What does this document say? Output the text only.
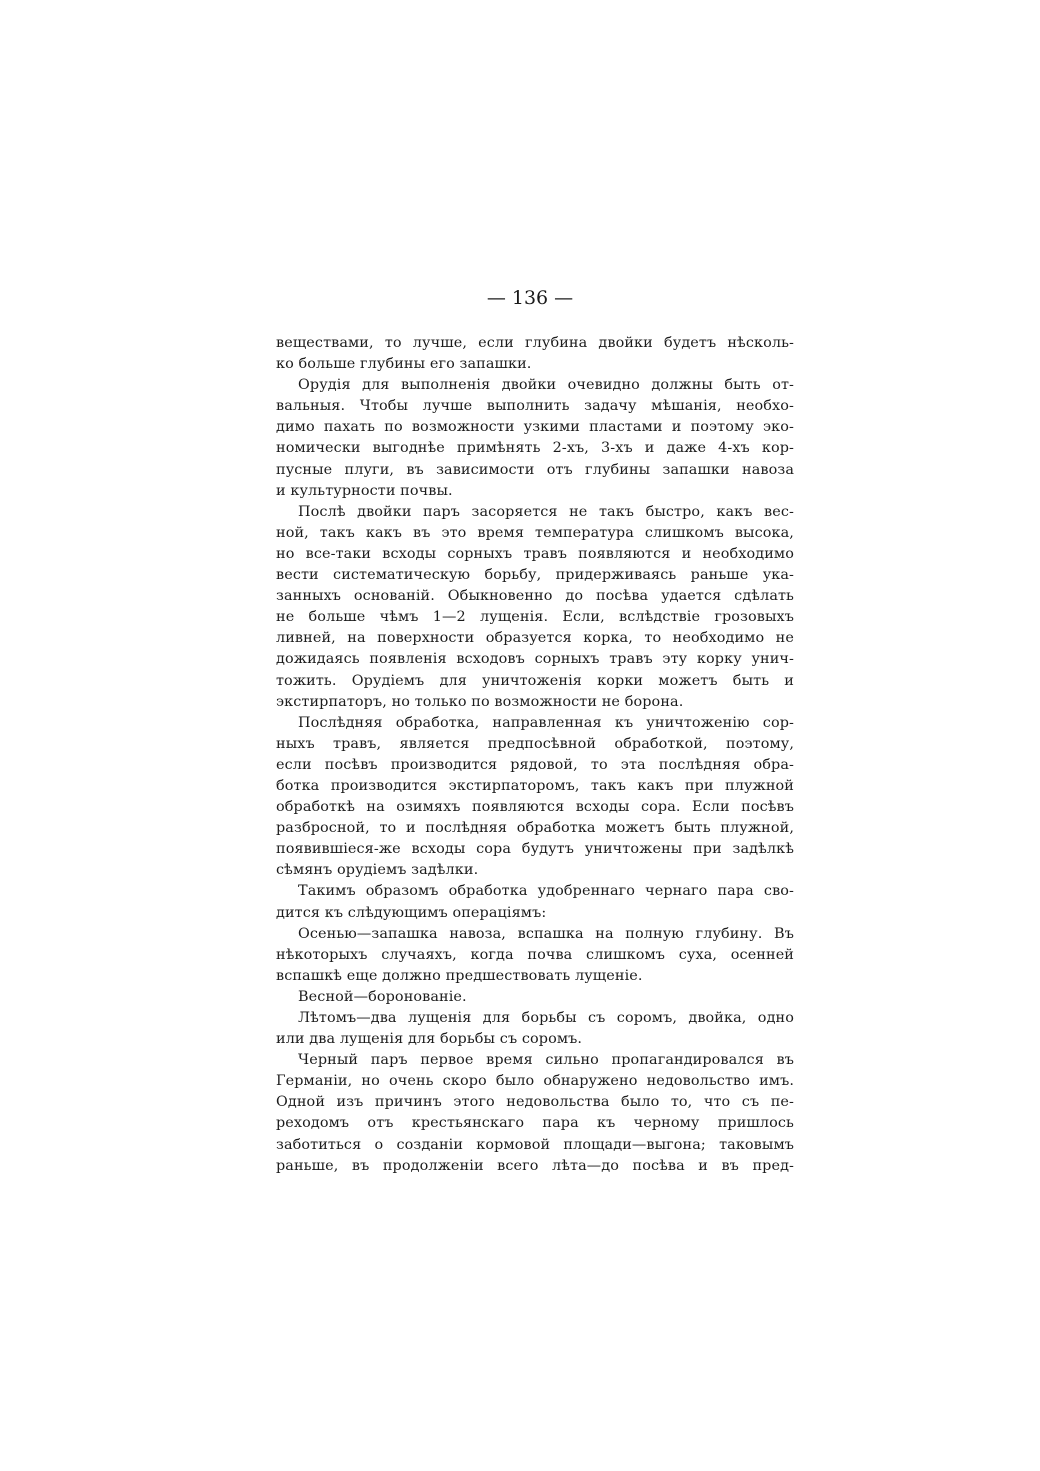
— 136 —

веществами, то лучше, если глубина двойки будетъ нѣсколь-
ко больше глубины его запашки.

Орудія для выполненія двойки очевидно должны быть от-
вальныя. Чтобы лучше выполнить задачу мѣшанія, необхо-
димо пахать по возможности узкими пластами и поэтому эко-
номически выгоднѣе примѣнять 2-хъ, 3-хъ и даже 4-хъ кор-
пусные плуги, въ зависимости отъ глубины запашки навоза
и культурности почвы.

Послѣ двойки паръ засоряется не такъ быстро, какъ вес-
ной, такъ какъ въ это время температура слишкомъ высока,
но все-таки всходы сорныхъ травъ появляются и необходимо
вести систематическую борьбу, придерживаясь раньше ука-
занныхъ основаній. Обыкновенно до посѣва удается сдѣлать
не больше чѣмъ 1—2 лущенія. Если, вслѣдствіе грозовыхъ
ливней, на поверхности образуется корка, то необходимо не
дожидаясь появленія всходовъ сорныхъ травъ эту корку унич-
тожить. Орудіемъ для уничтоженія корки можетъ быть и
экстирпаторъ, но только по возможности не борона.

Послѣдняя обработка, направленная къ уничтоженію сор-
ныхъ травъ, является предпосѣвной обработкой, поэтому,
если посѣвъ производится рядовой, то эта послѣдняя обра-
ботка производится экстирпаторомъ, такъ какъ при плужной
обработкѣ на озимяхъ появляются всходы сора. Если посѣвъ
разбросной, то и послѣдняя обработка можетъ быть плужной,
появившіеся-же всходы сора будутъ уничтожены при задѣлкѣ
сѣмянъ орудіемъ задѣлки.

Такимъ образомъ обработка удобреннаго чернаго пара сво-
дится къ слѣдующимъ операціямъ:

Осенью—запашка навоза, вспашка на полную глубину. Въ
нѣкоторыхъ случаяхъ, когда почва слишкомъ суха, осенней
вспашкѣ еще должно предшествовать лущеніе.

Весной—боронованіе.

Лѣтомъ—два лущенія для борьбы съ соромъ, двойка, одно
или два лущенія для борьбы съ соромъ.

Черный паръ первое время сильно пропагандировался въ
Германіи, но очень скоро было обнаружено недовольство имъ.
Одной изъ причинъ этого недовольства было то, что съ пе-
реходомъ отъ крестьянскаго пара къ черному пришлось
заботиться о созданіи кормовой площади—выгона; таковымъ
раньше, въ продолженіи всего лѣта—до посѣва и въ пред-
